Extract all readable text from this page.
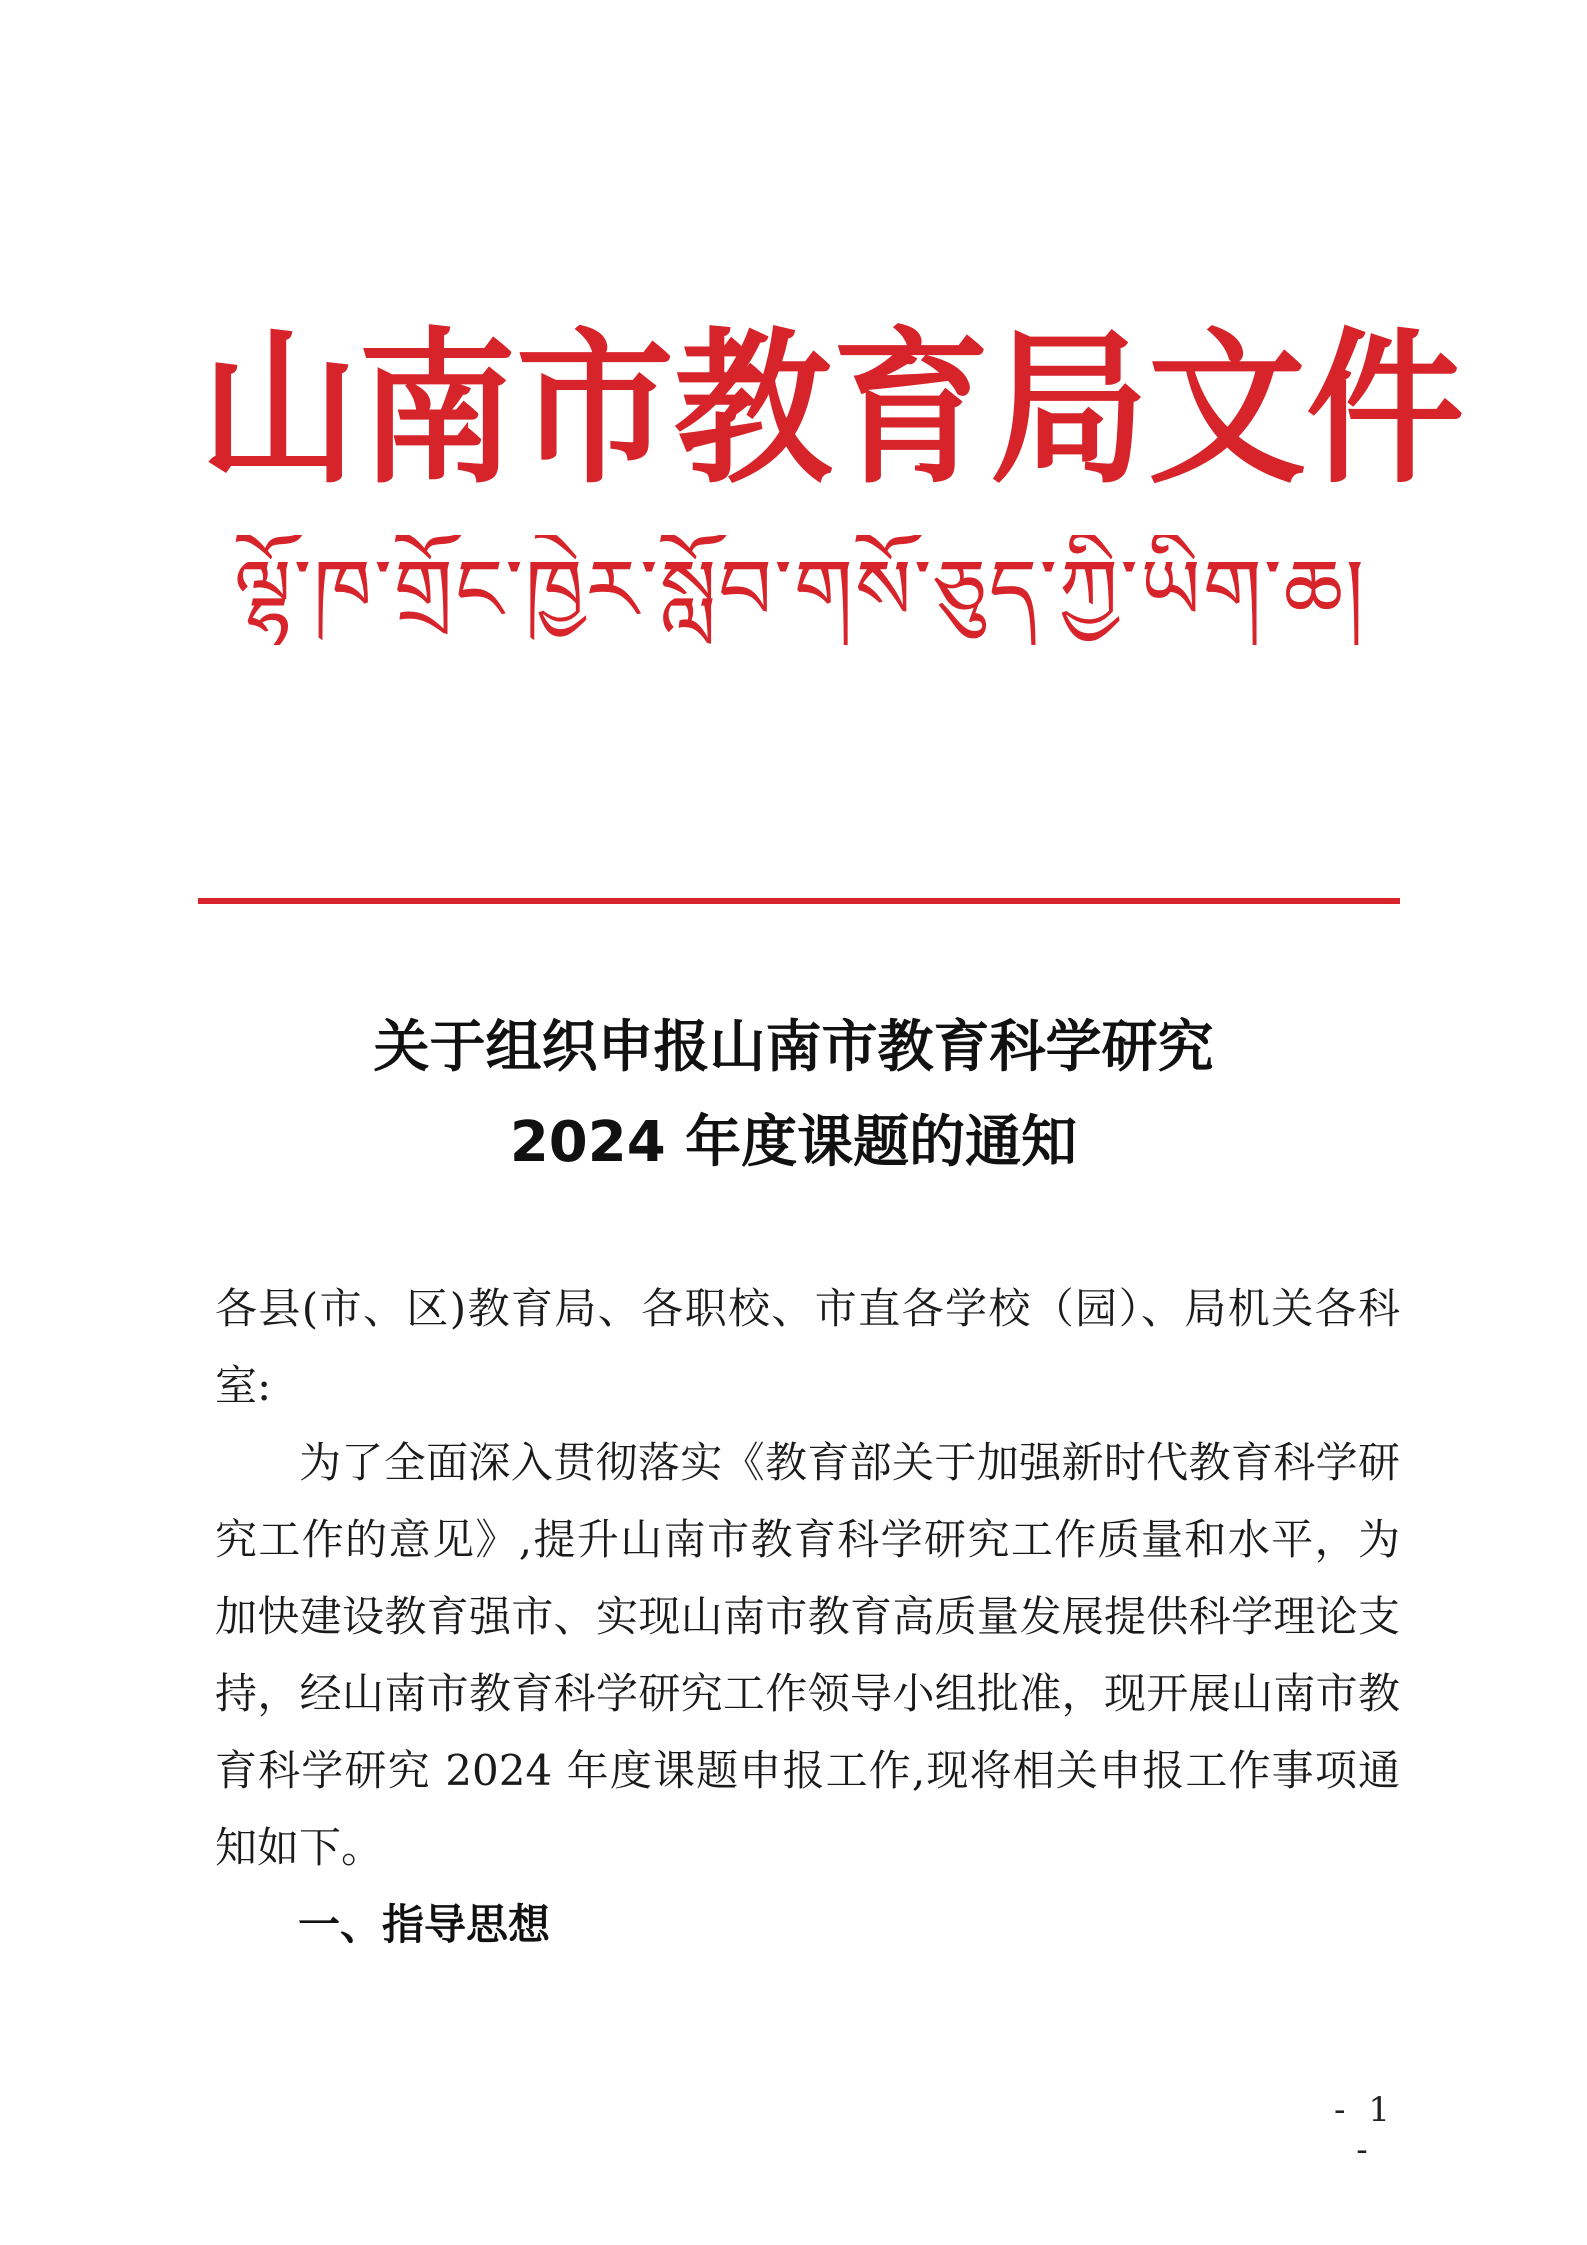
山 南 市 教 育 局 文 件
ལྷོ་ཁ་གྲོང་ཁྱེར་སློབ་གསོ་ཅུད་ཀྱི་ཡིག་ཆ།
关于组织申报山南市教育科学研究
2024 年度课题的通知
各县(市、区)教育局、各职校、市直各学校（园）、局机关各科室:
为了全面深入贯彻落实《教育部关于加强新时代教育科学研究工作的意见》,提升山南市教育科学研究工作质量和水平，为加快建设教育强市、实现山南市教育高质量发展提供科学理论支持，经山南市教育科学研究工作领导小组批准，现开展山南市教育科学研究 2024 年度课题申报工作,现将相关申报工作事项通知如下。
一、指导思想
- 1 -
